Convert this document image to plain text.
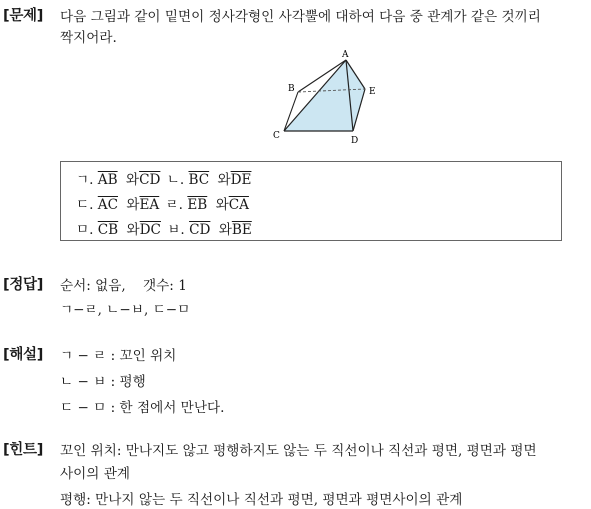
[문제] 다음 그림과 같이 밑면이 정사각형인 사각뿔에 대하여 다음 중 관계가 같은 것끼리
짝지어라.
A
B
C	D
E
ㄱ. $\overline{AB}$ 와$\overline{CD}$ ㄴ. $\overline{BC}$ 와$\overline{DE}$
ㄷ. $\overline{AC}$ 와$\overline{EA}$ ㄹ. $\overline{EB}$ 와$\overline{CA}$
ㅁ. $\overline{CB}$ 와$\overline{DC}$ ㅂ. $\overline{CD}$ 와$\overline{BE}$
[정답] 순서: 없음,    갯수: 1
ㄱ−ㄹ, ㄴ−ㅂ, ㄷ−ㅁ
[해설] ㄱ − ㄹ : 꼬인 위치
ㄴ − ㅂ : 평행
ㄷ − ㅁ : 한 점에서 만난다.
[힌트] 꼬인 위치: 만나지도 않고 평행하지도 않는 두 직선이나 직선과 평면, 평면과 평면
사이의 관계
평행: 만나지 않는 두 직선이나 직선과 평면, 평면과 평면사이의 관계
